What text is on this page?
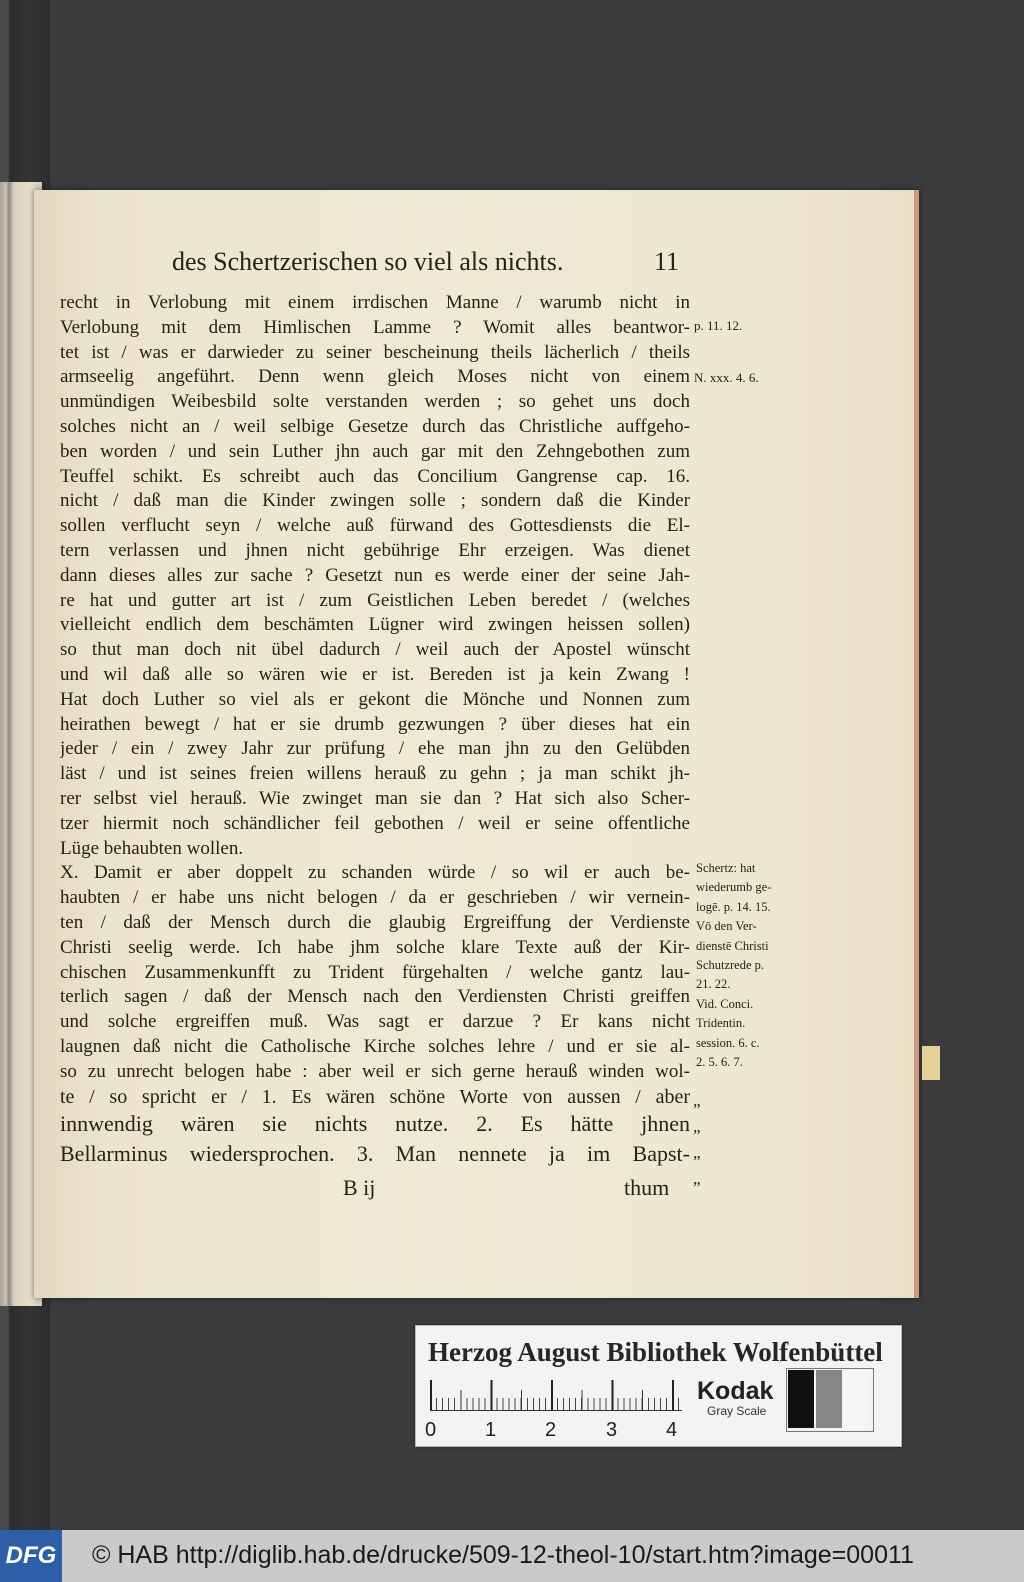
des Schertzerischen so viel als nichts.	11
recht in Verlobung mit einem irrdischen Manne / warumb nicht in
Verlobung mit dem Himlischen Lamme ? Womit alles beantwor-
tet ist / was er darwieder zu seiner bescheinung theils lächerlich / theils
armseelig angeführt. Denn wenn gleich Moses nicht von einem
unmündigen Weibesbild solte verstanden werden ; so gehet uns doch
solches nicht an / weil selbige Gesetze durch das Christliche auffgeho-
ben worden / und sein Luther jhn auch gar mit den Zehngebothen zum
Teuffel schikt. Es schreibt auch das Concilium Gangrense cap. 16.
nicht / daß man die Kinder zwingen solle ; sondern daß die Kinder
sollen verflucht seyn / welche auß fürwand des Gottesdiensts die El-
tern verlassen und jhnen nicht gebührige Ehr erzeigen. Was dienet
dann dieses alles zur sache ? Gesetzt nun es werde einer der seine Jah-
re hat und gutter art ist / zum Geistlichen Leben beredet / (welches
vielleicht endlich dem beschämten Lügner wird zwingen heissen sollen)
so thut man doch nit übel dadurch / weil auch der Apostel wünscht
und wil daß alle so wären wie er ist. Bereden ist ja kein Zwang !
Hat doch Luther so viel als er gekont die Mönche und Nonnen zum
heirathen bewegt / hat er sie drumb gezwungen ? über dieses hat ein
jeder / ein / zwey Jahr zur prüfung / ehe man jhn zu den Gelübden
läst / und ist seines freien willens herauß zu gehn ; ja man schikt jh-
rer selbst viel herauß. Wie zwinget man sie dan ? Hat sich also Scher-
tzer hiermit noch schändlicher feil gebothen / weil er seine offentliche
Lüge behaubten wollen.
X. Damit er aber doppelt zu schanden würde / so wil er auch be-
haubten / er habe uns nicht belogen / da er geschrieben / wir vernein-
ten / daß der Mensch durch die glaubig Ergreiffung der Verdienste
Christi seelig werde. Ich habe jhm solche klare Texte auß der Kir-
chischen Zusammenkunfft zu Trident fürgehalten / welche gantz lau-
terlich sagen / daß der Mensch nach den Verdiensten Christi greiffen
und solche ergreiffen muß. Was sagt er darzue ? Er kans nicht
laugnen daß nicht die Catholische Kirche solches lehre / und er sie al-
so zu unrecht belogen habe : aber weil er sich gerne herauß winden wol-
te / so spricht er / 1. Es wären schöne Worte von aussen / aber
innwendig wären sie nichts nutze. 2. Es hätte jhnen
Bellarminus wiedersprochen. 3. Man nennete ja im Bapst-
p. 11. 12.
N. xxx. 4. 6.
Schertz: hat
wiederumb ge-
logē. p. 14. 15.
Vō den Ver-
dienstē Christi
Schutzrede p.
21. 22.
Vid. Conci.
Tridentin.
session. 6. c.
2. 5. 6. 7.
„
„
„
„
B ij	thum
Herzog August Bibliothek Wolfenbüttel
0 1 2 3 4
Kodak
Gray Scale
DFG © HAB http://diglib.hab.de/drucke/509-12-theol-10/start.htm?image=00011
